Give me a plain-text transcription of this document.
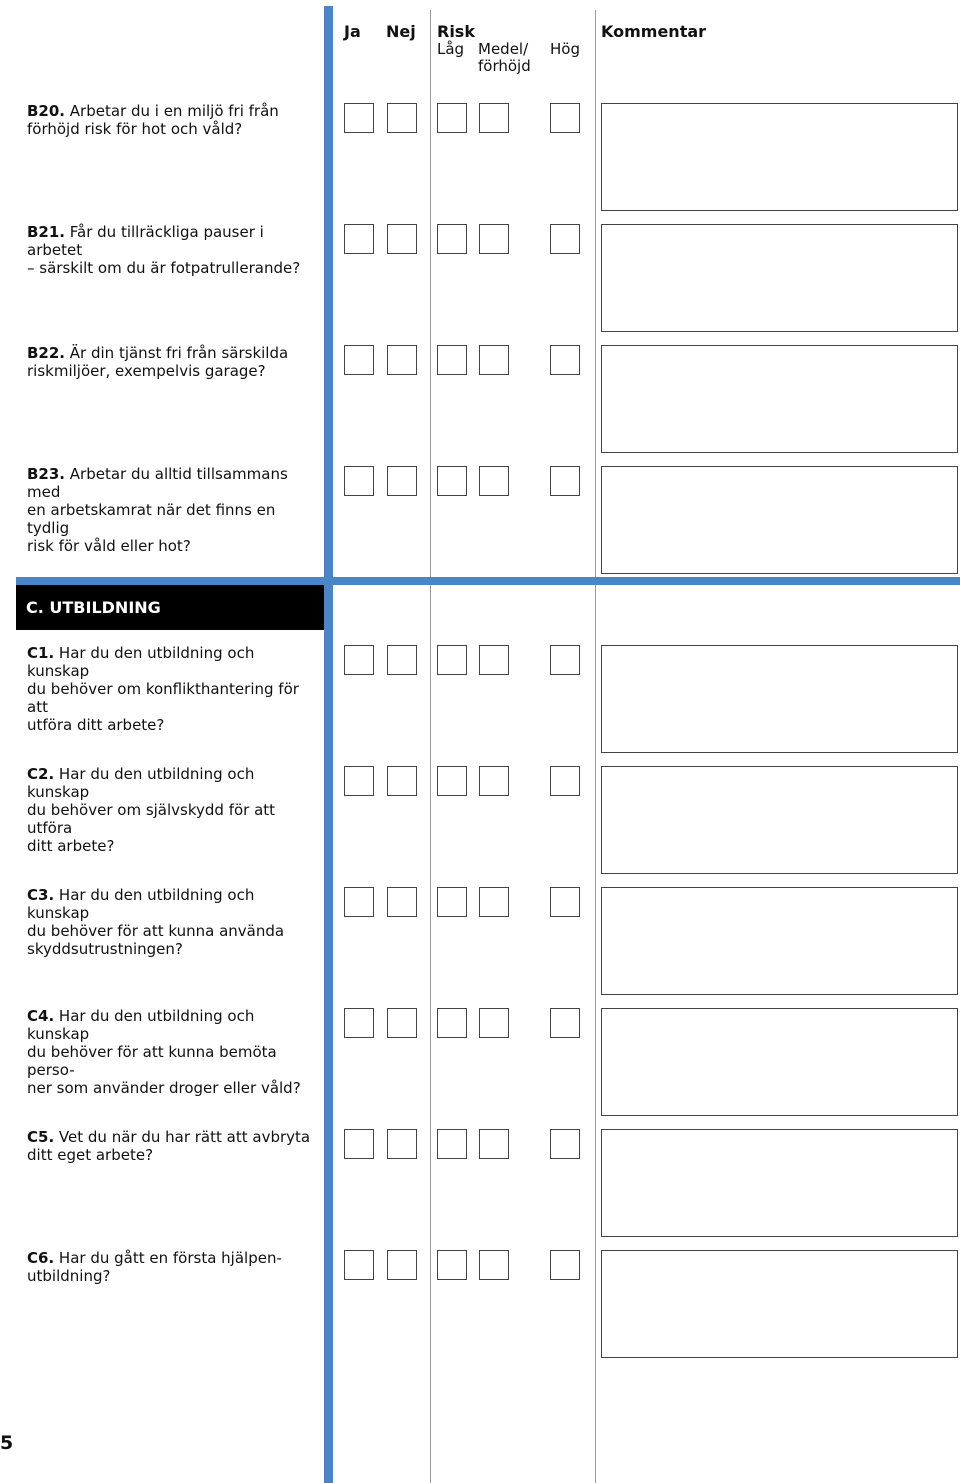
Ja Nej Risk
Låg Medel/
förhöjd
Hög
Kommentar
C. UTBILDNING
B20. Arbetar du i en miljö fri från
förhöjd risk för hot och våld?
B21. Får du tillräckliga pauser i arbetet
– särskilt om du är fotpatrullerande?
B22. Är din tjänst fri från särskilda
riskmiljöer, exempelvis garage?
B23. Arbetar du alltid tillsammans med
en arbetskamrat när det finns en tydlig
risk för våld eller hot?
C1. Har du den utbildning och kunskap
du behöver om konflikthantering för att
utföra ditt arbete?
C2. Har du den utbildning och kunskap
du behöver om självskydd för att utföra
ditt arbete?
C3. Har du den utbildning och kunskap
du behöver för att kunna använda
skyddsutrustningen?
C4. Har du den utbildning och kunskap
du behöver för att kunna bemöta perso-
ner som använder droger eller våld?
C5. Vet du när du har rätt att avbryta
ditt eget arbete?
C6. Har du gått en första hjälpen-
utbildning?
5
